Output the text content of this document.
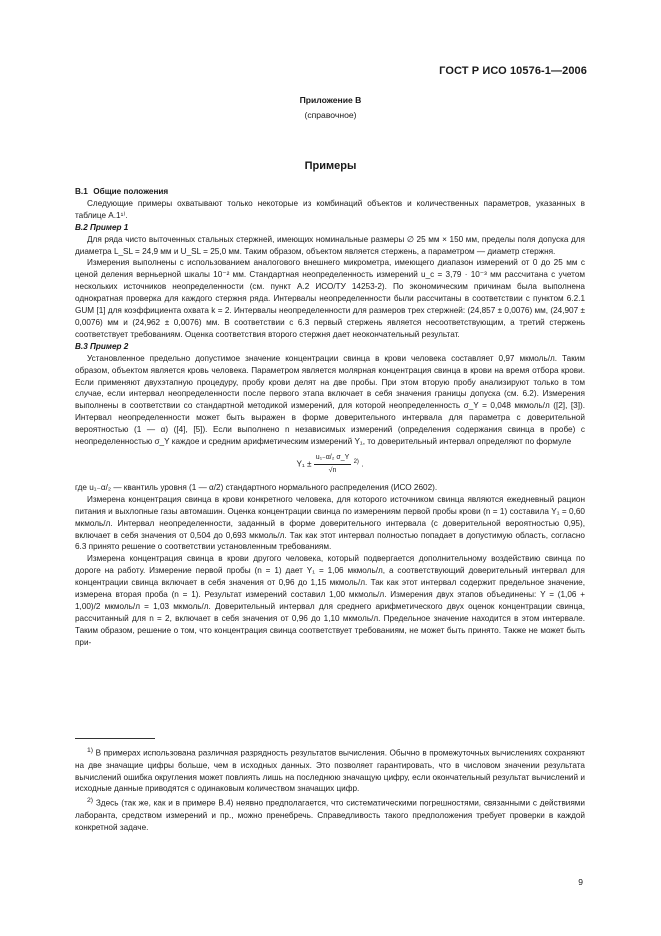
ГОСТ Р ИСО 10576-1—2006
Приложение В
(справочное)
Примеры

В.1 Общие положения

Следующие примеры охватывают только некоторые из комбинаций объектов и количественных параметров, указанных в таблице А.1¹⁾.

В.2 Пример 1

Для ряда чисто выточенных стальных стержней, имеющих номинальные размеры ∅ 25 мм × 150 мм, пределы поля допуска для диаметра L_SL = 24,9 мм и U_SL = 25,0 мм. Таким образом, объектом является стержень, а параметром — диаметр стержня.

Измерения выполнены с использованием аналогового внешнего микрометра, имеющего диапазон измерений от 0 до 25 мм с ценой деления верньерной шкалы 10⁻² мм. Стандартная неопределенность измерений u_c = 3,79 · 10⁻³ мм рассчитана с учетом нескольких источников неопределенности (см. пункт А.2 ИСО/ТУ 14253-2). По экономическим причинам была выполнена однократная проверка для каждого стержня ряда. Интервалы неопределенности были рассчитаны в соответствии с пунктом 6.2.1 GUM [1] для коэффициента охвата k = 2. Интервалы неопределенности для размеров трех стержней: (24,857 ± 0,0076) мм, (24,907 ± 0,0076) мм и (24,962 ± 0,0076) мм. В соответствии с 6.3 первый стержень является несоответствующим, а третий стержень соответствует требованиям. Оценка соответствия второго стержня дает неокончательный результат.

В.3 Пример 2

Установленное предельно допустимое значение концентрации свинца в крови человека составляет 0,97 мкмоль/л. Таким образом, объектом является кровь человека. Параметром является молярная концентрация свинца в крови на время отбора крови. Если применяют двухэтапную процедуру, пробу крови делят на две пробы. При этом вторую пробу анализируют только в том случае, если интервал неопределенности после первого этапа включает в себя значения границы допуска (см. 6.2). Измерения выполнены в соответствии со стандартной методикой измерений, для которой неопределенность σ_Y = 0,048 мкмоль/л ([2], [3]). Интервал неопределенности может быть выражен в форме доверительного интервала для параметра с доверительной вероятностью (1 — α) ([4], [5]). Если выполнено n независимых измерений (определения содержания свинца в пробе) с неопределенностью σ_Y каждое и средним арифметическим измерений Y₁, то доверительный интервал определяют по формуле

$Y_1 \pm \frac{\text{u₁₋α/₂ σ\_Y}}{√n} ^{2)}$ .

где u₁₋α/₂ — квантиль уровня (1 — α/2) стандартного нормального распределения (ИСО 2602).

Измерена концентрация свинца в крови конкретного человека, для которого источником свинца являются ежедневный рацион питания и выхлопные газы автомашин. Оценка концентрации свинца по измерениям первой пробы крови (n = 1) составила Y₁ = 0,60 мкмоль/л. Интервал неопределенности, заданный в форме доверительного интервала (с доверительной вероятностью 0,95), включает в себя значения от 0,504 до 0,693 мкмоль/л. Так как этот интервал полностью попадает в допустимую область, согласно 6.3 принято решение о соответствии установленным требованиям.

Измерена концентрация свинца в крови другого человека, который подвергается дополнительному воздействию свинца по дороге на работу. Измерение первой пробы (n = 1) дает Y₁ = 1,06 мкмоль/л, а соответствующий доверительный интервал для концентрации свинца включает в себя значения от 0,96 до 1,15 мкмоль/л. Так как этот интервал содержит предельное значение, измерена вторая проба (n = 1). Результат измерений составил 1,00 мкмоль/л. Измерения двух этапов объединены: Y = (1,06 + 1,00)/2 мкмоль/л = 1,03 мкмоль/л. Доверительный интервал для среднего арифметического двух оценок концентрации свинца, рассчитанный для n = 2, включает в себя значения от 0,96 до 1,10 мкмоль/л. Предельное значение находится в этом интервале. Таким образом, решение о том, что концентрация свинца соответствует требованиям, не может быть принято. Также не может быть при-

$^{1)}$ В примерах использована различная разрядность результатов вычисления. Обычно в промежуточных вычислениях сохраняют на две значащие цифры больше, чем в исходных данных. Это позволяет гарантировать, что в числовом значении результата вычислений ошибка округления может повлиять лишь на последнюю значащую цифру, если окончательный результат вычислений и исходные данные приводятся с одинаковым количеством значащих цифр.

$^{2)}$ Здесь (так же, как и в примере В.4) неявно предполагается, что систематическими погрешностями, связанными с действиями лаборанта, средством измерений и пр., можно пренебречь. Справедливость такого предположения требует проверки в каждой конкретной задаче.

9
